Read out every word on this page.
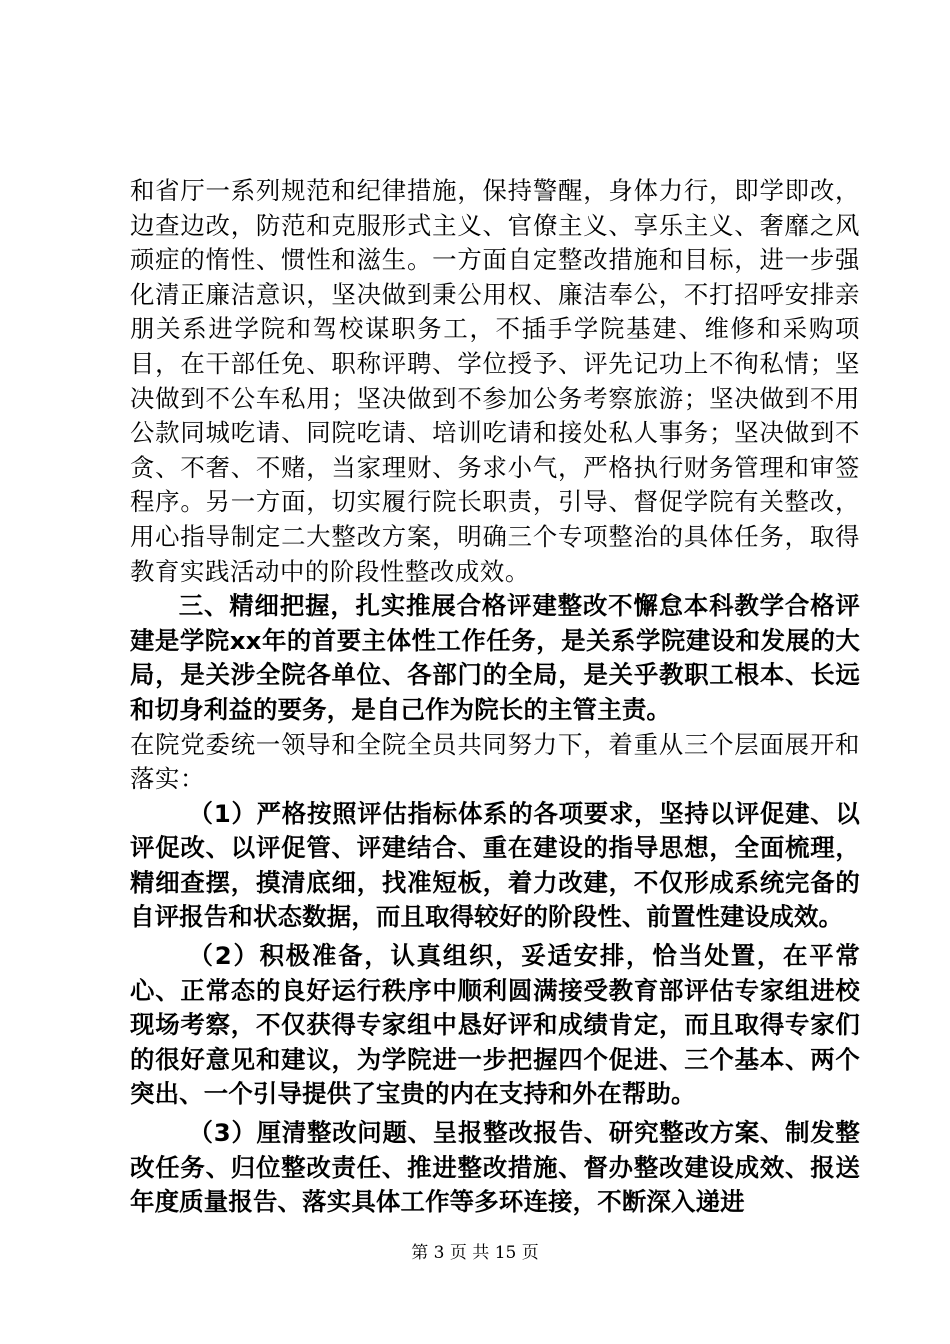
和省厅一系列规范和纪律措施，保持警醒，身体力行，即学即改，边查边改，防范和克服形式主义、官僚主义、享乐主义、奢靡之风顽症的惰性、惯性和滋生。一方面自定整改措施和目标，进一步强化清正廉洁意识，坚决做到秉公用权、廉洁奉公，不打招呼安排亲朋关系进学院和驾校谋职务工，不插手学院基建、维修和采购项目，在干部任免、职称评聘、学位授予、评先记功上不徇私情；坚决做到不公车私用；坚决做到不参加公务考察旅游；坚决做到不用公款同城吃请、同院吃请、培训吃请和接处私人事务；坚决做到不贪、不奢、不赌，当家理财、务求小气，严格执行财务管理和审签程序。另一方面，切实履行院长职责，引导、督促学院有关整改，用心指导制定二大整改方案，明确三个专项整治的具体任务，取得教育实践活动中的阶段性整改成效。

三、精细把握，扎实推展合格评建整改不懈怠本科教学合格评建是学院xx年的首要主体性工作任务，是关系学院建设和发展的大局，是关涉全院各单位、各部门的全局，是关乎教职工根本、长远和切身利益的要务，是自己作为院长的主管主责。

在院党委统一领导和全院全员共同努力下，着重从三个层面展开和落实：

（1）严格按照评估指标体系的各项要求，坚持以评促建、以评促改、以评促管、评建结合、重在建设的指导思想，全面梳理，精细查摆，摸清底细，找准短板，着力改建，不仅形成系统完备的自评报告和状态数据，而且取得较好的阶段性、前置性建设成效。

（2）积极准备，认真组织，妥适安排，恰当处置，在平常心、正常态的良好运行秩序中顺利圆满接受教育部评估专家组进校现场考察，不仅获得专家组中恳好评和成绩肯定，而且取得专家们的很好意见和建议，为学院进一步把握四个促进、三个基本、两个突出、一个引导提供了宝贵的内在支持和外在帮助。

（3）厘清整改问题、呈报整改报告、研究整改方案、制发整改任务、归位整改责任、推进整改措施、督办整改建设成效、报送年度质量报告、落实具体工作等多环连接，不断深入递进

第 3 页 共 15 页
